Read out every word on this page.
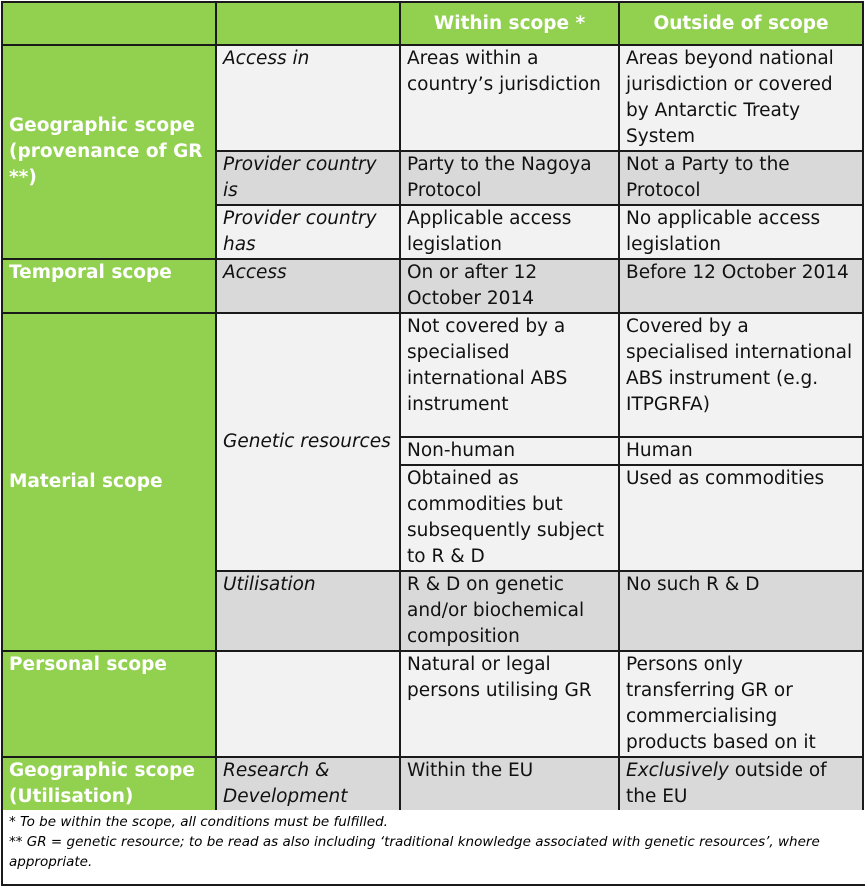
		Within scope *	Outside of scope
Geographic scope (provenance of GR **)	Access in	Areas within a country’s jurisdiction	Areas beyond national jurisdiction or covered by Antarctic Treaty System
	Provider country is	Party to the Nagoya Protocol	Not a Party to the Protocol
	Provider country has	Applicable access legislation	No applicable access legislation
Temporal scope	Access	On or after 12 October 2014	Before 12 October 2014
Material scope	Genetic resources	Not covered by a specialised international ABS instrument	Covered by a specialised international ABS instrument (e.g. ITPGRFA)
		Non-human	Human
		Obtained as commodities but subsequently subject to R & D	Used as commodities
	Utilisation	R & D on genetic and/or biochemical composition	No such R & D
Personal scope		Natural or legal persons utilising GR	Persons only transferring GR or commercialising products based on it
Geographic scope (Utilisation)	Research & Development	Within the EU	Exclusively outside of the EU
* To be within the scope, all conditions must be fulfilled.
** GR = genetic resource; to be read as also including ‘traditional knowledge associated with genetic resources’, where appropriate.
